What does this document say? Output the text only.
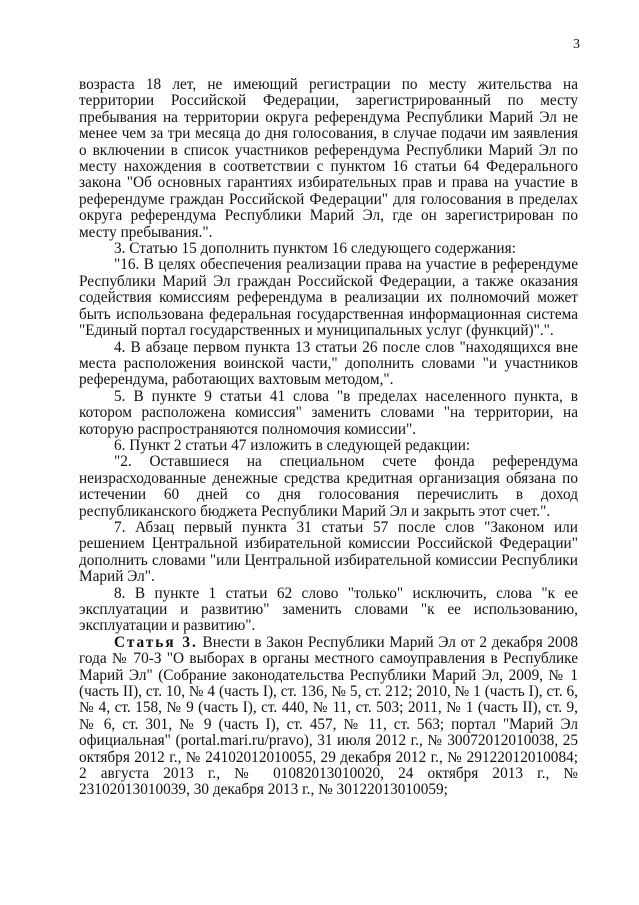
3

возраста 18 лет, не имеющий регистрации по месту жительства на территории Российской Федерации, зарегистрированный по месту пребывания на территории округа референдума Республики Марий Эл не менее чем за три месяца до дня голосования, в случае подачи им заявления о включении в список участников референдума Республики Марий Эл по месту нахождения в соответствии с пунктом 16 статьи 64 Федерального закона "Об основных гарантиях избирательных прав и права на участие в референдуме граждан Российской Федерации" для голосования в пределах округа референдума Республики Марий Эл, где он зарегистрирован по месту пребывания.".

3. Статью 15 дополнить пунктом 16 следующего содержания:

"16. В целях обеспечения реализации права на участие в референдуме Республики Марий Эл граждан Российской Федерации, а также оказания содействия комиссиям референдума в реализации их полномочий может быть использована федеральная государственная информационная система "Единый портал государственных и муниципальных услуг (функций)".".

4. В абзаце первом пункта 13 статьи 26 после слов "находящихся вне места расположения воинской части," дополнить словами "и участников референдума, работающих вахтовым методом,".

5. В пункте 9 статьи 41 слова "в пределах населенного пункта, в котором расположена комиссия" заменить словами "на территории, на которую распространяются полномочия комиссии".

6. Пункт 2 статьи 47 изложить в следующей редакции:

"2. Оставшиеся на специальном счете фонда референдума неизрасходованные денежные средства кредитная организация обязана по истечении 60 дней со дня голосования перечислить в доход республиканского бюджета Республики Марий Эл и закрыть этот счет.".

7. Абзац первый пункта 31 статьи 57 после слов "Законом или решением Центральной избирательной комиссии Российской Федерации" дополнить словами "или Центральной избирательной комиссии Республики Марий Эл".

8. В пункте 1 статьи 62 слово "только" исключить, слова "к ее эксплуатации и развитию" заменить словами "к ее использованию, эксплуатации и развитию".

Статья 3. Внести в Закон Республики Марий Эл от 2 декабря 2008 года № 70-З "О выборах в органы местного самоуправления в Республике Марий Эл" (Собрание законодательства Республики Марий Эл, 2009, № 1 (часть II), ст. 10, № 4 (часть I), ст. 136, № 5, ст. 212; 2010, № 1 (часть I), ст. 6, № 4, ст. 158, № 9 (часть I), ст. 440, № 11, ст. 503; 2011, № 1 (часть II), ст. 9, № 6, ст. 301, № 9 (часть I), ст. 457, № 11, ст. 563; портал "Марий Эл официальная" (portal.mari.ru/pravo), 31 июля 2012 г., № 30072012010038, 25 октября 2012 г., № 24102012010055, 29 декабря 2012 г., № 29122012010084; 2 августа 2013 г., № 01082013010020, 24 октября 2013 г., № 23102013010039, 30 декабря 2013 г., № 30122013010059;
